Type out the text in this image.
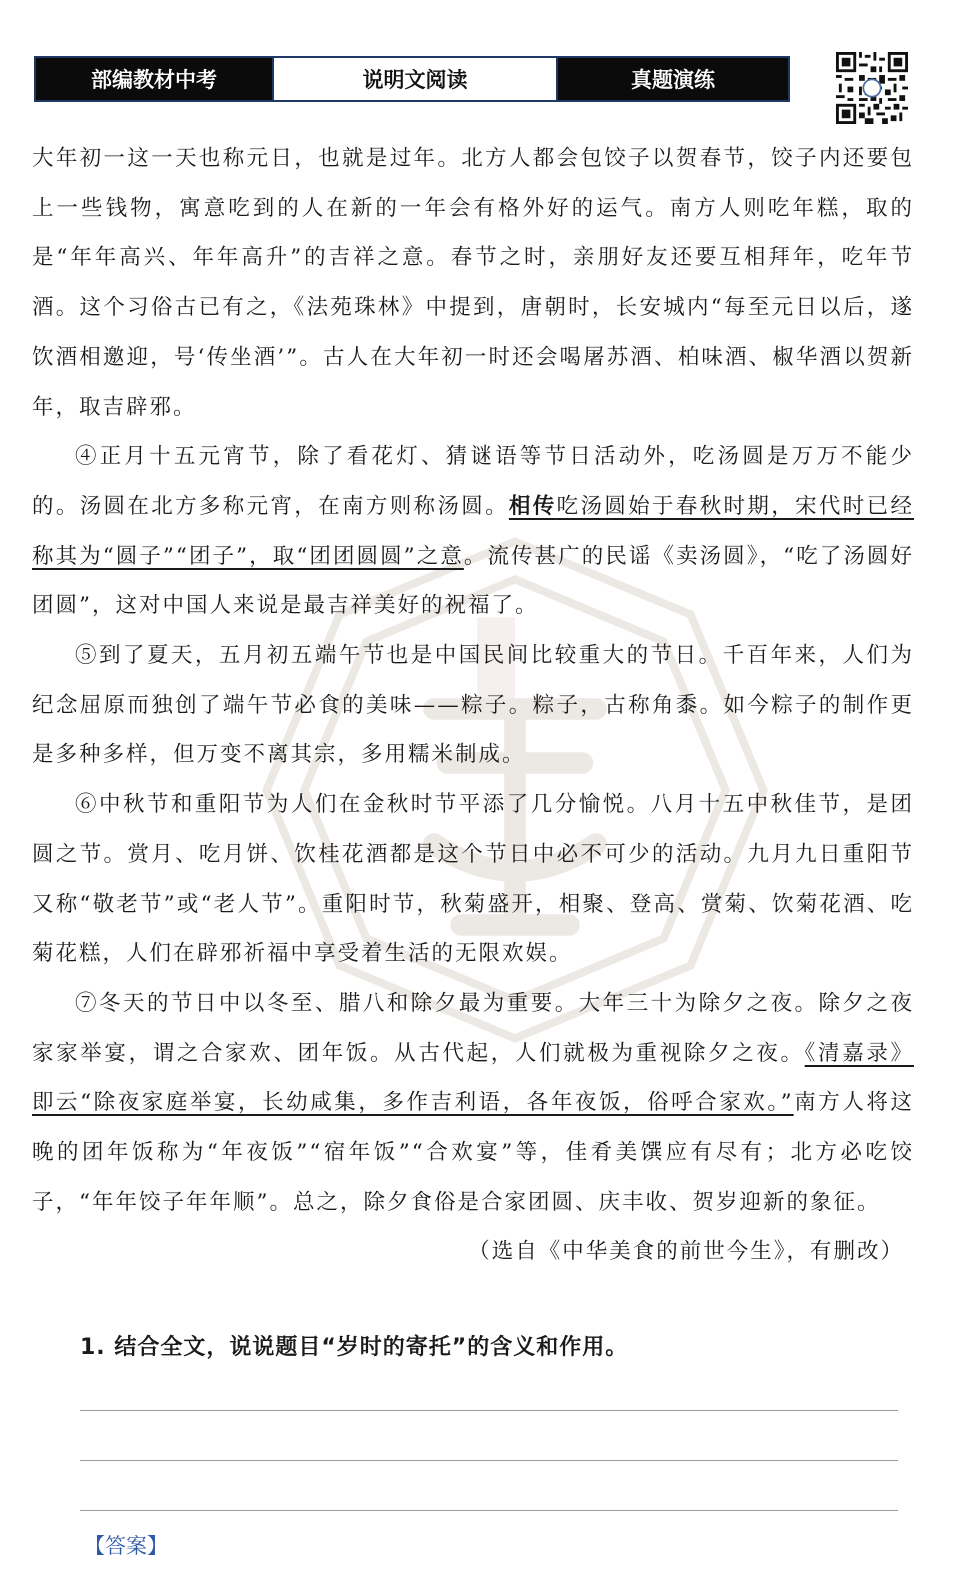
部编教材中考	说明文阅读	真题演练

大年初一这一天也称元日，也就是过年。北方人都会包饺子以贺春节，饺子内还要包上一些钱物，寓意吃到的人在新的一年会有格外好的运气。南方人则吃年糕，取的是“年年高兴、年年高升”的吉祥之意。春节之时，亲朋好友还要互相拜年，吃年节酒。这个习俗古已有之，《法苑珠林》中提到，唐朝时，长安城内“每至元日以后，遂饮酒相邀迎，号‘传坐酒’”。古人在大年初一时还会喝屠苏酒、柏味酒、椒华酒以贺新年，取吉辟邪。

④正月十五元宵节，除了看花灯、猜谜语等节日活动外，吃汤圆是万万不能少的。汤圆在北方多称元宵，在南方则称汤圆。相传吃汤圆始于春秋时期，宋代时已经称其为“圆子”“团子”，取“团团圆圆”之意。流传甚广的民谣《卖汤圆》，“吃了汤圆好团圆”，这对中国人来说是最吉祥美好的祝福了。

⑤到了夏天，五月初五端午节也是中国民间比较重大的节日。千百年来，人们为纪念屈原而独创了端午节必食的美味——粽子。粽子，古称角黍。如今粽子的制作更是多种多样，但万变不离其宗，多用糯米制成。

⑥中秋节和重阳节为人们在金秋时节平添了几分愉悦。八月十五中秋佳节，是团圆之节。赏月、吃月饼、饮桂花酒都是这个节日中必不可少的活动。九月九日重阳节又称“敬老节”或“老人节”。重阳时节，秋菊盛开，相聚、登高、赏菊、饮菊花酒、吃菊花糕，人们在辟邪祈福中享受着生活的无限欢娱。

⑦冬天的节日中以冬至、腊八和除夕最为重要。大年三十为除夕之夜。除夕之夜家家举宴，谓之合家欢、团年饭。从古代起，人们就极为重视除夕之夜。《清嘉录》即云“除夜家庭举宴，长幼咸集，多作吉利语，各年夜饭，俗呼合家欢。”南方人将这晚的团年饭称为“年夜饭”“宿年饭”“合欢宴”等，佳肴美馔应有尽有；北方必吃饺子，“年年饺子年年顺”。总之，除夕食俗是合家团圆、庆丰收、贺岁迎新的象征。

（选自《中华美食的前世今生》，有删改）

1. 结合全文，说说题目“岁时的寄托”的含义和作用。
【答案】
